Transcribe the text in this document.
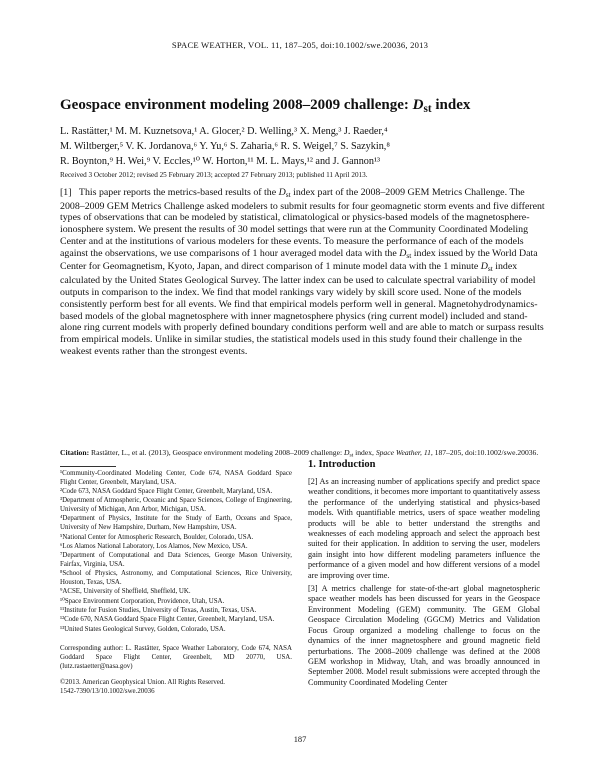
SPACE WEATHER, VOL. 11, 187–205, doi:10.1002/swe.20036, 2013
Geospace environment modeling 2008–2009 challenge: $D_{st}$ index
L. Rastätter,¹ M. M. Kuznetsova,¹ A. Glocer,² D. Welling,³ X. Meng,³ J. Raeder,⁴
M. Wiltberger,⁵ V. K. Jordanova,⁶ Y. Yu,⁶ S. Zaharia,⁶ R. S. Weigel,⁷ S. Sazykin,⁸
R. Boynton,⁹ H. Wei,⁹ V. Eccles,¹⁰ W. Horton,¹¹ M. L. Mays,¹² and J. Gannon¹³
Received 3 October 2012; revised 25 February 2013; accepted 27 February 2013; published 11 April 2013.
[1] This paper reports the metrics-based results of the $D_{st}$ index part of the 2008–2009 GEM Metrics Challenge. The 2008–2009 GEM Metrics Challenge asked modelers to submit results for four geomagnetic storm events and five different types of observations that can be modeled by statistical, climatological or physics-based models of the magnetosphere-ionosphere system. We present the results of 30 model settings that were run at the Community Coordinated Modeling Center and at the institutions of various modelers for these events. To measure the performance of each of the models against the observations, we use comparisons of 1 hour averaged model data with the $D_{st}$ index issued by the World Data Center for Geomagnetism, Kyoto, Japan, and direct comparison of 1 minute model data with the 1 minute $D_{st}$ index calculated by the United States Geological Survey. The latter index can be used to calculate spectral variability of model outputs in comparison to the index. We find that model rankings vary widely by skill score used. None of the models consistently perform best for all events. We find that empirical models perform well in general. Magnetohydrodynamics-based models of the global magnetosphere with inner magnetosphere physics (ring current model) included and stand-alone ring current models with properly defined boundary conditions perform well and are able to match or surpass results from empirical models. Unlike in similar studies, the statistical models used in this study found their challenge in the weakest events rather than the strongest events.
Citation: Rastätter, L., et al. (2013), Geospace environment modeling 2008–2009 challenge: $D_{st}$ index, Space Weather, 11, 187–205, doi:10.1002/swe.20036.

¹Community-Coordinated Modeling Center, Code 674, NASA Goddard Space Flight Center, Greenbelt, Maryland, USA.

²Code 673, NASA Goddard Space Flight Center, Greenbelt, Maryland, USA.

³Department of Atmospheric, Oceanic and Space Sciences, College of Engineering, University of Michigan, Ann Arbor, Michigan, USA.

⁴Department of Physics, Institute for the Study of Earth, Oceans and Space, University of New Hampshire, Durham, New Hampshire, USA.

⁵National Center for Atmospheric Research, Boulder, Colorado, USA.

⁶Los Alamos National Laboratory, Los Alamos, New Mexico, USA.

⁷Department of Computational and Data Sciences, George Mason University, Fairfax, Virginia, USA.

⁸School of Physics, Astronomy, and Computational Sciences, Rice University, Houston, Texas, USA.

⁹ACSE, University of Sheffield, Sheffield, UK.

¹⁰Space Environment Corporation, Providence, Utah, USA.

¹¹Institute for Fusion Studies, University of Texas, Austin, Texas, USA.

¹²Code 670, NASA Goddard Space Flight Center, Greenbelt, Maryland, USA.

¹³United States Geological Survey, Golden, Colorado, USA.

Corresponding author: L. Rastätter, Space Weather Laboratory, Code 674, NASA Goddard Space Flight Center, Greenbelt, MD 20770, USA. (lutz.rastaetter@nasa.gov)
©2013. American Geophysical Union. All Rights Reserved.
1542-7390/13/10.1002/swe.20036
1. Introduction

[2] As an increasing number of applications specify and predict space weather conditions, it becomes more important to quantitatively assess the performance of the underlying statistical and physics-based models. With quantifiable metrics, users of space weather modeling products will be able to better understand the strengths and weaknesses of each modeling approach and select the approach best suited for their application. In addition to serving the user, modelers gain insight into how different modeling parameters influence the performance of a given model and how different versions of a model are improving over time.

[3] A metrics challenge for state-of-the-art global magnetospheric space weather models has been discussed for years in the Geospace Environment Modeling (GEM) community. The GEM Global Geospace Circulation Modeling (GGCM) Metrics and Validation Focus Group organized a modeling challenge to focus on the dynamics of the inner magnetosphere and ground magnetic field perturbations. The 2008–2009 challenge was defined at the 2008 GEM workshop in Midway, Utah, and was broadly announced in September 2008. Model result submissions were accepted through the Community Coordinated Modeling Center

187
